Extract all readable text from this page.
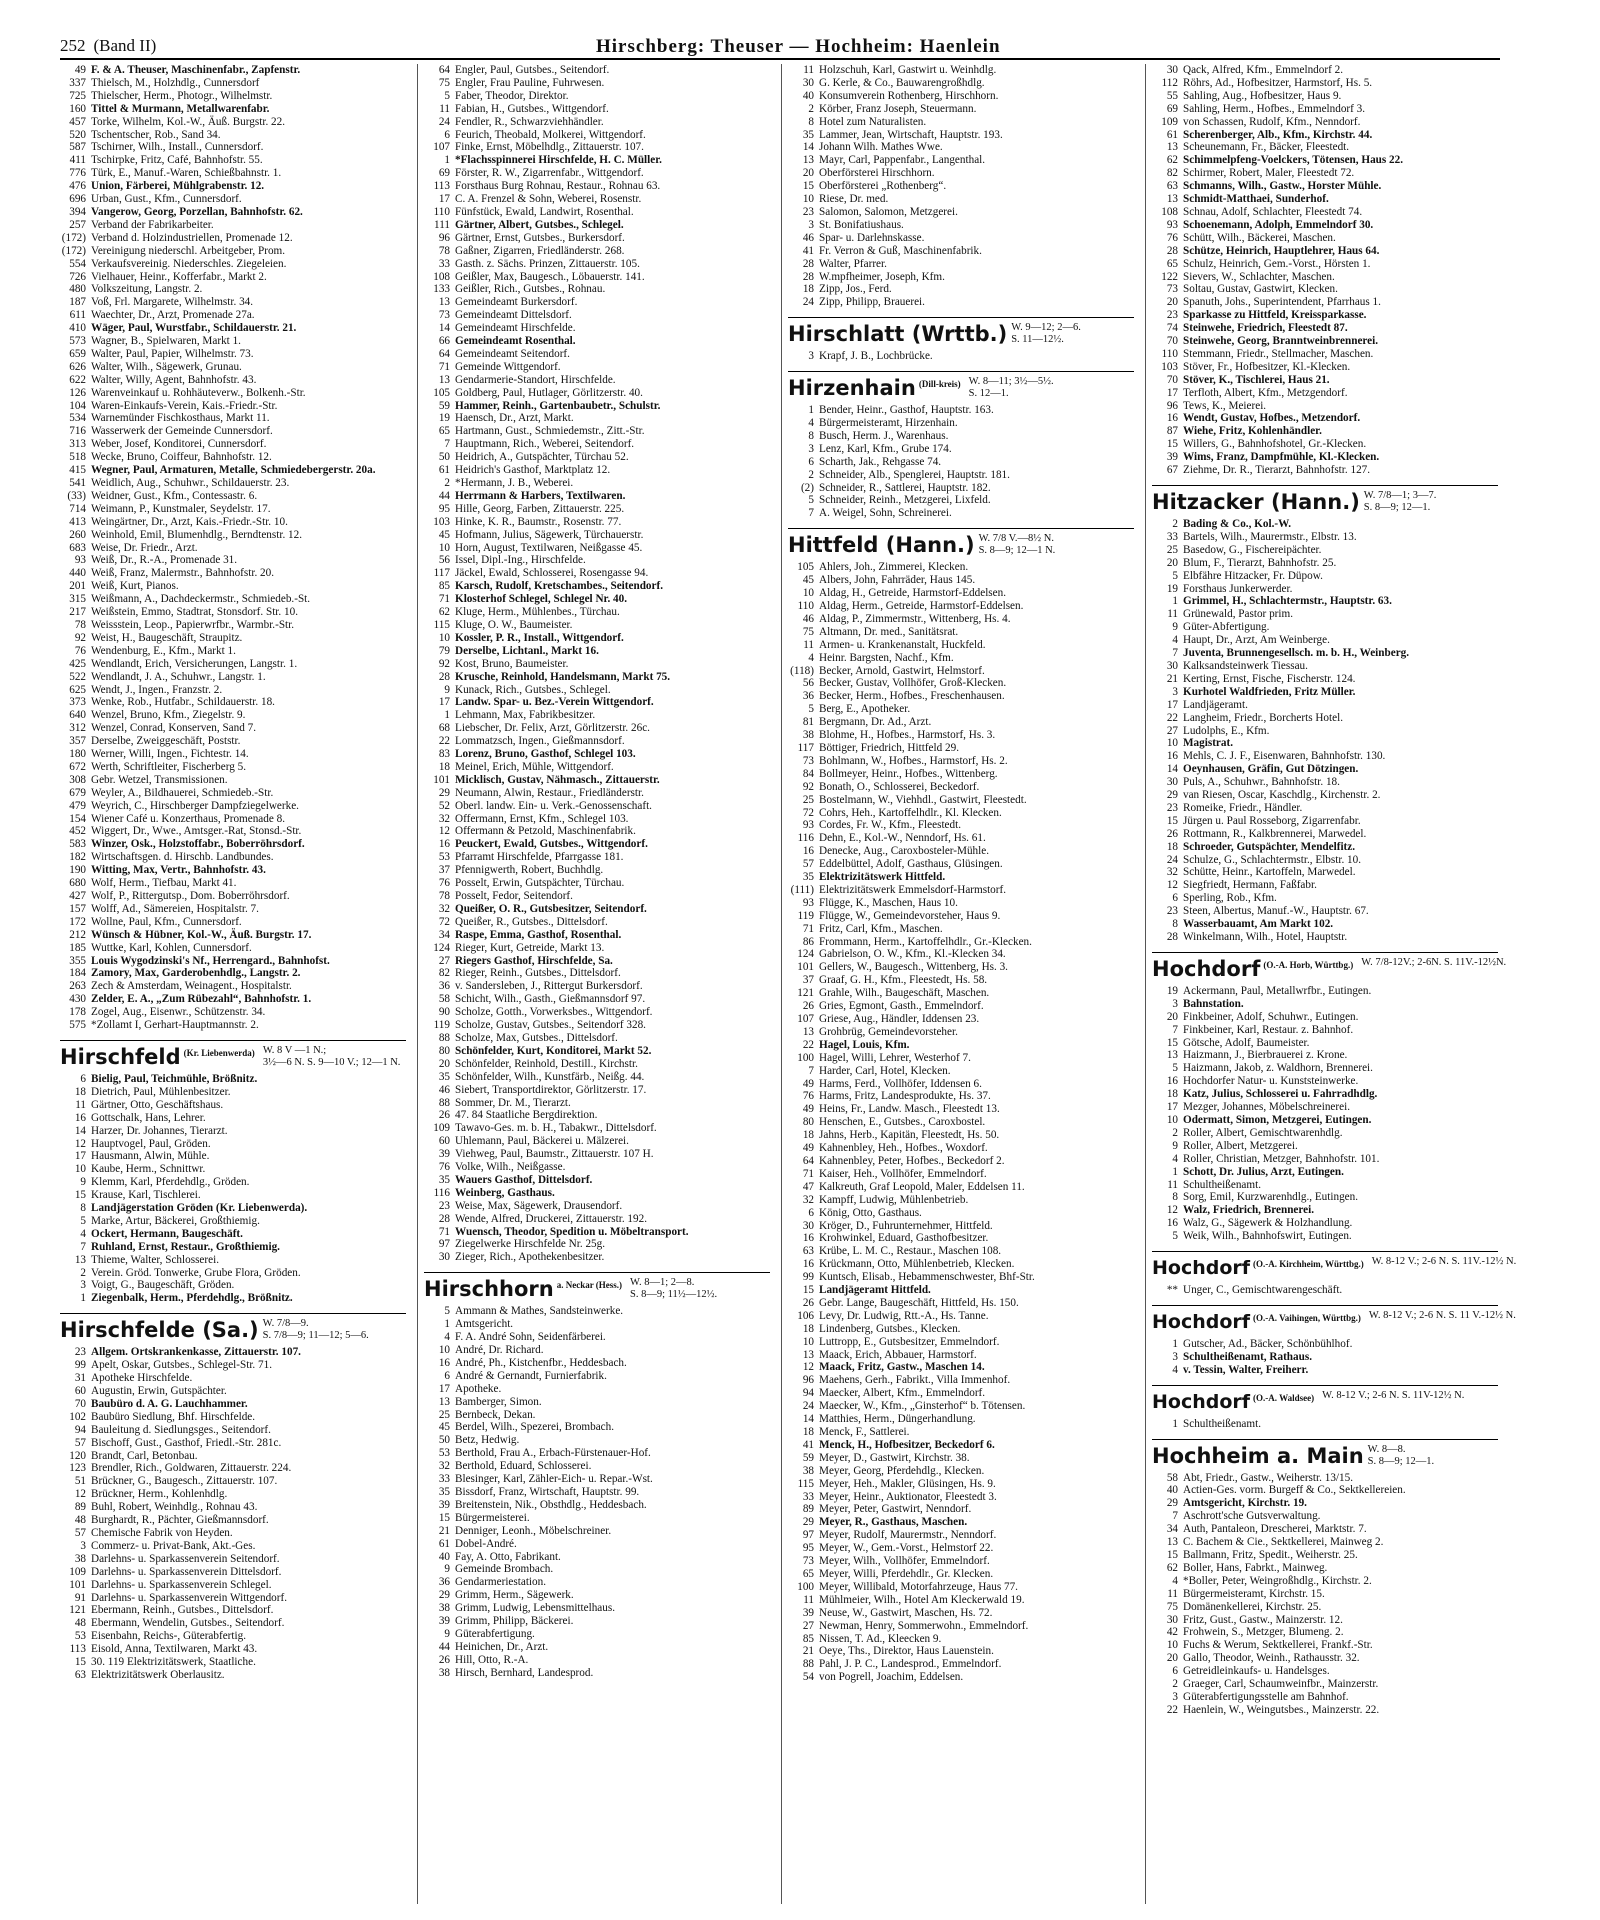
252 (Band II)	Hirschberg: Theuser — Hochheim: Haenlein
49 F. & A. Theuser, Maschinenfabr., Zapfenstr.
337 Thielsch, M., Holzhdlg., Cunnersdorf
725 Thielscher, Herm., Photogr., Wilhelmstr.
160 Tittel & Murmann, Metallwarenfabr.
457 Torke, Wilhelm, Kol.-W., Äuß. Burgstr. 22.
520 Tschentscher, Rob., Sand 34.
587 Tschirner, Wilh., Install., Cunnersdorf.
411 Tschirpke, Fritz, Café, Bahnhofstr. 55.
776 Türk, E., Manuf.-Waren, Schießbahnstr. 1.
476 Union, Färberei, Mühlgrabenstr. 12.
696 Urban, Gust., Kfm., Cunnersdorf.
394 Vangerow, Georg, Porzellan, Bahnhofstr. 62.
257 Verband der Fabrikarbeiter.
(172) Verband d. Holzindustriellen, Promenade 12.
(172) Vereinigung niederschl. Arbeitgeber, Prom.
554 Verkaufsvereinig. Niederschles. Ziegeleien.
726 Vielhauer, Heinr., Kofferfabr., Markt 2.
480 Volkszeitung, Langstr. 2.
187 Voß, Frl. Margarete, Wilhelmstr. 34.
611 Waechter, Dr., Arzt, Promenade 27a.
410 Wäger, Paul, Wurstfabr., Schildauerstr. 21.
573 Wagner, B., Spielwaren, Markt 1.
659 Walter, Paul, Papier, Wilhelmstr. 73.
626 Walter, Wilh., Sägewerk, Grunau.
622 Walter, Willy, Agent, Bahnhofstr. 43.
126 Warenveinkauf u. Rohhäuteverw., Bolkenh.-Str.
104 Waren-Einkaufs-Verein, Kais.-Friedr.-Str.
534 Warnemünder Fischkosthaus, Markt 11.
716 Wasserwerk der Gemeinde Cunnersdorf.
313 Weber, Josef, Konditorei, Cunnersdorf.
518 Wecke, Bruno, Coiffeur, Bahnhofstr. 12.
415 Wegner, Paul, Armaturen, Metalle, Schmiedebergerstr. 20a.
541 Weidlich, Aug., Schuhwr., Schildauerstr. 23.
(33) Weidner, Gust., Kfm., Contessastr. 6.
714 Weimann, P., Kunstmaler, Seydelstr. 17.
413 Weingärtner, Dr., Arzt, Kais.-Friedr.-Str. 10.
260 Weinhold, Emil, Blumenhdlg., Berndtenstr. 12.
683 Weise, Dr. Friedr., Arzt.
93 Weiß, Dr., R.-A., Promenade 31.
440 Weiß, Franz, Malermstr., Bahnhofstr. 20.
201 Weiß, Kurt, Pianos.
315 Weißmann, A., Dachdeckermstr., Schmiedeb.-St.
217 Weißstein, Emmo, Stadtrat, Stonsdorf. Str. 10.
78 Weissstein, Leop., Papierwrfbr., Warmbr.-Str.
92 Weist, H., Baugeschäft, Straupitz.
76 Wendenburg, E., Kfm., Markt 1.
425 Wendlandt, Erich, Versicherungen, Langstr. 1.
522 Wendlandt, J. A., Schuhwr., Langstr. 1.
625 Wendt, J., Ingen., Franzstr. 2.
373 Wenke, Rob., Hutfabr., Schildauerstr. 18.
640 Wenzel, Bruno, Kfm., Ziegelstr. 9.
312 Wenzel, Conrad, Konserven, Sand 7.
357 Derselbe, Zweiggeschäft, Poststr.
180 Werner, Willi, Ingen., Fichtestr. 14.
672 Werth, Schriftleiter, Fischerberg 5.
308 Gebr. Wetzel, Transmissionen.
679 Weyler, A., Bildhauerei, Schmiedeb.-Str.
479 Weyrich, C., Hirschberger Dampfziegelwerke.
154 Wiener Café u. Konzerthaus, Promenade 8.
452 Wiggert, Dr., Wwe., Amtsger.-Rat, Stonsd.-Str.
583 Winzer, Osk., Holzstoffabr., Boberröhrsdorf.
182 Wirtschaftsgen. d. Hirschb. Landbundes.
190 Witting, Max, Vertr., Bahnhofstr. 43.
680 Wolf, Herm., Tiefbau, Markt 41.
427 Wolf, P., Rittergutsp., Dom. Boberröhrsdorf.
157 Wolff, Ad., Sämereien, Hospitalstr. 7.
172 Wollne, Paul, Kfm., Cunnersdorf.
212 Wünsch & Hübner, Kol.-W., Äuß. Burgstr. 17.
185 Wuttke, Karl, Kohlen, Cunnersdorf.
355 Louis Wygodzinski's Nf., Herrengard., Bahnhofst.
184 Zamory, Max, Garderobenhdlg., Langstr. 2.
263 Zech & Amsterdam, Weinagent., Hospitalstr.
430 Zelder, E. A., „Zum Rübezahl“, Bahnhofstr. 1.
178 Zogel, Aug., Eisenwr., Schützenstr. 34.
575 *Zollamt I, Gerhart-Hauptmannstr. 2.
Hirschfeld (Kr. Liebenwerda) W. 8 V —1 N.;
3½—6 N. S. 9—10 V.; 12—1 N.
6 Bielig, Paul, Teichmühle, Brößnitz.
18 Dietrich, Paul, Mühlenbesitzer.
11 Gärtner, Otto, Geschäftshaus.
16 Gottschalk, Hans, Lehrer.
14 Harzer, Dr. Johannes, Tierarzt.
12 Hauptvogel, Paul, Gröden.
17 Hausmann, Alwin, Mühle.
10 Kaube, Herm., Schnittwr.
9 Klemm, Karl, Pferdehdlg., Gröden.
15 Krause, Karl, Tischlerei.
8 Landjägerstation Gröden (Kr. Liebenwerda).
5 Marke, Artur, Bäckerei, Großthiemig.
4 Ockert, Hermann, Baugeschäft.
7 Ruhland, Ernst, Restaur., Großthiemig.
13 Thieme, Walter, Schlosserei.
2 Verein. Gröd. Tonwerke, Grube Flora, Gröden.
3 Voigt, G., Baugeschäft, Gröden.
1 Ziegenbalk, Herm., Pferdehdlg., Brößnitz.
Hirschfelde (Sa.) W. 7/8—9.
S. 7/8—9; 11—12; 5—6.
23 Allgem. Ortskrankenkasse, Zittauerstr. 107.
99 Apelt, Oskar, Gutsbes., Schlegel-Str. 71.
31 Apotheke Hirschfelde.
60 Augustin, Erwin, Gutspächter.
70 Baubüro d. A. G. Lauchhammer.
102 Baubüro Siedlung, Bhf. Hirschfelde.
94 Bauleitung d. Siedlungsges., Seitendorf.
57 Bischoff, Gust., Gasthof, Friedl.-Str. 281c.
120 Brandt, Carl, Betonbau.
123 Brendler, Rich., Goldwaren, Zittauerstr. 224.
51 Brückner, G., Baugesch., Zittauerstr. 107.
12 Brückner, Herm., Kohlenhdlg.
89 Buhl, Robert, Weinhdlg., Rohnau 43.
48 Burghardt, R., Pächter, Gießmannsdorf.
57 Chemische Fabrik von Heyden.
3 Commerz- u. Privat-Bank, Akt.-Ges.
38 Darlehns- u. Sparkassenverein Seitendorf.
109 Darlehns- u. Sparkassenverein Dittelsdorf.
101 Darlehns- u. Sparkassenverein Schlegel.
91 Darlehns- u. Sparkassenverein Wittgendorf.
121 Ebermann, Reinh., Gutsbes., Dittelsdorf.
48 Ebermann, Wendelin, Gutsbes., Seitendorf.
53 Eisenbahn, Reichs-, Güterabfertig.
113 Eisold, Anna, Textilwaren, Markt 43.
15 30. 119 Elektrizitätswerk, Staatliche.
63 Elektrizitätswerk Oberlausitz.
64 Engler, Paul, Gutsbes., Seitendorf.
75 Engler, Frau Pauline, Fuhrwesen.
5 Faber, Theodor, Direktor.
11 Fabian, H., Gutsbes., Wittgendorf.
24 Fendler, R., Schwarzviehhändler.
6 Feurich, Theobald, Molkerei, Wittgendorf.
107 Finke, Ernst, Möbelhdlg., Zittauerstr. 107.
1 *Flachsspinnerei Hirschfelde, H. C. Müller.
69 Förster, R. W., Zigarrenfabr., Wittgendorf.
113 Forsthaus Burg Rohnau, Restaur., Rohnau 63.
17 C. A. Frenzel & Sohn, Weberei, Rosenstr.
110 Fünfstück, Ewald, Landwirt, Rosenthal.
111 Gärtner, Albert, Gutsbes., Schlegel.
96 Gärtner, Ernst, Gutsbes., Burkersdorf.
78 Gaßner, Zigarren, Friedländerstr. 268.
33 Gasth. z. Sächs. Prinzen, Zittauerstr. 105.
108 Geißler, Max, Baugesch., Löbauerstr. 141.
133 Geißler, Rich., Gutsbes., Rohnau.
13 Gemeindeamt Burkersdorf.
73 Gemeindeamt Dittelsdorf.
14 Gemeindeamt Hirschfelde.
66 Gemeindeamt Rosenthal.
64 Gemeindeamt Seitendorf.
71 Gemeinde Wittgendorf.
13 Gendarmerie-Standort, Hirschfelde.
105 Goldberg, Paul, Hutlager, Görlitzerstr. 40.
59 Hammer, Reinh., Gartenbaubetr., Schulstr.
19 Haensch, Dr., Arzt, Markt.
65 Hartmann, Gust., Schmiedemstr., Zitt.-Str.
7 Hauptmann, Rich., Weberei, Seitendorf.
50 Heidrich, A., Gutspächter, Türchau 52.
61 Heidrich's Gasthof, Marktplatz 12.
2 *Hermann, J. B., Weberei.
44 Herrmann & Harbers, Textilwaren.
95 Hille, Georg, Farben, Zittauerstr. 225.
103 Hinke, K. R., Baumstr., Rosenstr. 77.
45 Hofmann, Julius, Sägewerk, Türchauerstr.
10 Horn, August, Textilwaren, Neißgasse 45.
56 Issel, Dipl.-Ing., Hirschfelde.
117 Jäckel, Ewald, Schlosserei, Rosengasse 94.
85 Karsch, Rudolf, Kretschambes., Seitendorf.
71 Klosterhof Schlegel, Schlegel Nr. 40.
62 Kluge, Herm., Mühlenbes., Türchau.
115 Kluge, O. W., Baumeister.
10 Kossler, P. R., Install., Wittgendorf.
79 Derselbe, Lichtanl., Markt 16.
92 Kost, Bruno, Baumeister.
28 Krusche, Reinhold, Handelsmann, Markt 75.
9 Kunack, Rich., Gutsbes., Schlegel.
17 Landw. Spar- u. Bez.-Verein Wittgendorf.
1 Lehmann, Max, Fabrikbesitzer.
68 Liebscher, Dr. Felix, Arzt, Görlitzerstr. 26c.
22 Lommatzsch, Ingen., Gießmannsdorf.
83 Lorenz, Bruno, Gasthof, Schlegel 103.
18 Meinel, Erich, Mühle, Wittgendorf.
101 Micklisch, Gustav, Nähmasch., Zittauerstr.
29 Neumann, Alwin, Restaur., Friedländerstr.
52 Oberl. landw. Ein- u. Verk.-Genossenschaft.
32 Offermann, Ernst, Kfm., Schlegel 103.
12 Offermann & Petzold, Maschinenfabrik.
16 Peuckert, Ewald, Gutsbes., Wittgendorf.
53 Pfarramt Hirschfelde, Pfarrgasse 181.
37 Pfennigwerth, Robert, Buchhdlg.
76 Posselt, Erwin, Gutspächter, Türchau.
78 Posselt, Fedor, Seitendorf.
32 Queißer, O. R., Gutsbesitzer, Seitendorf.
72 Queißer, R., Gutsbes., Dittelsdorf.
34 Raspe, Emma, Gasthof, Rosenthal.
124 Rieger, Kurt, Getreide, Markt 13.
27 Riegers Gasthof, Hirschfelde, Sa.
82 Rieger, Reinh., Gutsbes., Dittelsdorf.
36 v. Sandersleben, J., Rittergut Burkersdorf.
58 Schicht, Wilh., Gasth., Gießmannsdorf 97.
90 Scholze, Gotth., Vorwerksbes., Wittgendorf.
119 Scholze, Gustav, Gutsbes., Seitendorf 328.
88 Scholze, Max, Gutsbes., Dittelsdorf.
80 Schönfelder, Kurt, Konditorei, Markt 52.
20 Schönfelder, Reinhold, Destill., Kirchstr.
35 Schönfelder, Wilh., Kunstfärb., Neißg. 44.
46 Siebert, Transportdirektor, Görlitzerstr. 17.
88 Sommer, Dr. M., Tierarzt.
26 47. 84 Staatliche Bergdirektion.
109 Tawavo-Ges. m. b. H., Tabakwr., Dittelsdorf.
60 Uhlemann, Paul, Bäckerei u. Mälzerei.
39 Viehweg, Paul, Baumstr., Zittauerstr. 107 H.
76 Volke, Wilh., Neißgasse.
35 Wauers Gasthof, Dittelsdorf.
116 Weinberg, Gasthaus.
23 Weise, Max, Sägewerk, Drausendorf.
28 Wende, Alfred, Druckerei, Zittauerstr. 192.
71 Wuensch, Theodor, Spedition u. Möbeltransport.
97 Ziegelwerke Hirschfelde Nr. 25g.
30 Zieger, Rich., Apothekenbesitzer.
Hirschhorn a. Neckar (Hess.) W. 8—1; 2—8.
S. 8—9; 11½—12½.
5 Ammann & Mathes, Sandsteinwerke.
1 Amtsgericht.
4 F. A. André Sohn, Seidenfärberei.
10 André, Dr. Richard.
16 André, Ph., Kistchenfbr., Heddesbach.
6 André & Gernandt, Furnierfabrik.
17 Apotheke.
13 Bamberger, Simon.
25 Bernbeck, Dekan.
45 Berdel, Wilh., Spezerei, Brombach.
50 Betz, Hedwig.
53 Berthold, Frau A., Erbach-Fürstenauer-Hof.
32 Berthold, Eduard, Schlosserei.
33 Blesinger, Karl, Zähler-Eich- u. Repar.-Wst.
35 Bissdorf, Franz, Wirtschaft, Hauptstr. 99.
39 Breitenstein, Nik., Obsthdlg., Heddesbach.
15 Bürgermeisterei.
21 Denniger, Leonh., Möbelschreiner.
61 Dobel-André.
40 Fay, A. Otto, Fabrikant.
9 Gemeinde Brombach.
36 Gendarmeriestation.
29 Grimm, Herm., Sägewerk.
38 Grimm, Ludwig, Lebensmittelhaus.
39 Grimm, Philipp, Bäckerei.
9 Güterabfertigung.
44 Heinichen, Dr., Arzt.
26 Hill, Otto, R.-A.
38 Hirsch, Bernhard, Landesprod.
11 Holzschuh, Karl, Gastwirt u. Weinhdlg.
30 G. Kerle, & Co., Bauwarengroßhdlg.
40 Konsumverein Rothenberg, Hirschhorn.
2 Körber, Franz Joseph, Steuermann.
8 Hotel zum Naturalisten.
35 Lammer, Jean, Wirtschaft, Hauptstr. 193.
14 Johann Wilh. Mathes Wwe.
13 Mayr, Carl, Pappenfabr., Langenthal.
20 Oberförsterei Hirschhorn.
15 Oberförsterei „Rothenberg“.
10 Riese, Dr. med.
23 Salomon, Salomon, Metzgerei.
3 St. Bonifatiushaus.
46 Spar- u. Darlehnskasse.
41 Fr. Verron & Guß, Maschinenfabrik.
28 Walter, Pfarrer.
28 W.mpfheimer, Joseph, Kfm.
18 Zipp, Jos., Ferd.
24 Zipp, Philipp, Brauerei.
Hirschlatt (Wrttb.) W. 9—12; 2—6.
S. 11—12½.
3 Krapf, J. B., Lochbrücke.
Hirzenhain (Dill-kreis) W. 8—11; 3½—5½.
S. 12—1.
1 Bender, Heinr., Gasthof, Hauptstr. 163.
4 Bürgermeisteramt, Hirzenhain.
8 Busch, Herm. J., Warenhaus.
3 Lenz, Karl, Kfm., Grube 174.
6 Scharth, Jak., Rehgasse 74.
2 Schneider, Alb., Spenglerei, Hauptstr. 181.
(2) Schneider, R., Sattlerei, Hauptstr. 182.
5 Schneider, Reinh., Metzgerei, Lixfeld.
7 A. Weigel, Sohn, Schreinerei.
Hittfeld (Hann.) W. 7/8 V.—8½ N.
S. 8—9; 12—1 N.
105 Ahlers, Joh., Zimmerei, Klecken.
45 Albers, John, Fahrräder, Haus 145.
10 Aldag, H., Getreide, Harmstorf-Eddelsen.
110 Aldag, Herm., Getreide, Harmstorf-Eddelsen.
46 Aldag, P., Zimmermstr., Wittenberg, Hs. 4.
75 Altmann, Dr. med., Sanitätsrat.
11 Armen- u. Krankenanstalt, Huckfeld.
4 Heinr. Bargsten, Nachf., Kfm.
(118) Becker, Arnold, Gastwirt, Helmstorf.
56 Becker, Gustav, Vollhöfer, Groß-Klecken.
36 Becker, Herm., Hofbes., Freschenhausen.
5 Berg, E., Apotheker.
81 Bergmann, Dr. Ad., Arzt.
38 Blohme, H., Hofbes., Harmstorf, Hs. 3.
117 Böttiger, Friedrich, Hittfeld 29.
73 Bohlmann, W., Hofbes., Harmstorf, Hs. 2.
84 Bollmeyer, Heinr., Hofbes., Wittenberg.
92 Bonath, O., Schlosserei, Beckedorf.
25 Bostelmann, W., Viehhdl., Gastwirt, Fleestedt.
72 Cohrs, Heh., Kartoffelhdlr., Kl. Klecken.
93 Cordes, Fr. W., Kfm., Fleestedt.
116 Dehn, E., Kol.-W., Nenndorf, Hs. 61.
16 Denecke, Aug., Caroxbosteler-Mühle.
57 Eddelbüttel, Adolf, Gasthaus, Glüsingen.
35 Elektrizitätswerk Hittfeld.
(111) Elektrizitätswerk Emmelsdorf-Harmstorf.
93 Flügge, K., Maschen, Haus 10.
119 Flügge, W., Gemeindevorsteher, Haus 9.
71 Fritz, Carl, Kfm., Maschen.
86 Frommann, Herm., Kartoffelhdlr., Gr.-Klecken.
124 Gabrielson, O. W., Kfm., Kl.-Klecken 34.
101 Gellers, W., Baugesch., Wittenberg, Hs. 3.
37 Graaf, G. H., Kfm., Fleestedt, Hs. 58.
121 Grahle, Wilh., Baugeschäft, Maschen.
26 Gries, Egmont, Gasth., Emmelndorf.
107 Griese, Aug., Händler, Iddensen 23.
13 Grohbrüg, Gemeindevorsteher.
22 Hagel, Louis, Kfm.
100 Hagel, Willi, Lehrer, Westerhof 7.
7 Harder, Carl, Hotel, Klecken.
49 Harms, Ferd., Vollhöfer, Iddensen 6.
76 Harms, Fritz, Landesprodukte, Hs. 37.
49 Heins, Fr., Landw. Masch., Fleestedt 13.
80 Henschen, E., Gutsbes., Caroxbostel.
18 Jahns, Herb., Kapitän, Fleestedt, Hs. 50.
49 Kahnenbley, Heh., Hofbes., Woxdorf.
64 Kahnenbley, Peter, Hofbes., Beckedorf 2.
71 Kaiser, Heh., Vollhöfer, Emmelndorf.
47 Kalkreuth, Graf Leopold, Maler, Eddelsen 11.
32 Kampff, Ludwig, Mühlenbetrieb.
6 König, Otto, Gasthaus.
30 Kröger, D., Fuhrunternehmer, Hittfeld.
16 Krohwinkel, Eduard, Gasthofbesitzer.
63 Krübe, L. M. C., Restaur., Maschen 108.
16 Krückmann, Otto, Mühlenbetrieb, Klecken.
99 Kuntsch, Elisab., Hebammenschwester, Bhf-Str.
15 Landjägeramt Hittfeld.
26 Gebr. Lange, Baugeschäft, Hittfeld, Hs. 150.
106 Levy, Dr. Ludwig, Rtt.-A., Hs. Tanne.
18 Lindenberg, Gutsbes., Klecken.
10 Luttropp, E., Gutsbesitzer, Emmelndorf.
13 Maack, Erich, Abbauer, Harmstorf.
12 Maack, Fritz, Gastw., Maschen 14.
96 Maehens, Gerh., Fabrikt., Villa Immenhof.
94 Maecker, Albert, Kfm., Emmelndorf.
24 Maecker, W., Kfm., „Ginsterhof“ b. Tötensen.
14 Matthies, Herm., Düngerhandlung.
18 Menck, F., Sattlerei.
41 Menck, H., Hofbesitzer, Beckedorf 6.
59 Meyer, D., Gastwirt, Kirchstr. 38.
38 Meyer, Georg, Pferdehdlg., Klecken.
115 Meyer, Heh., Makler, Glüsingen, Hs. 9.
33 Meyer, Heinr., Auktionator, Fleestedt 3.
89 Meyer, Peter, Gastwirt, Nenndorf.
29 Meyer, R., Gasthaus, Maschen.
97 Meyer, Rudolf, Maurermstr., Nenndorf.
95 Meyer, W., Gem.-Vorst., Helmstorf 22.
73 Meyer, Wilh., Vollhöfer, Emmelndorf.
65 Meyer, Willi, Pferdehdlr., Gr. Klecken.
100 Meyer, Willibald, Motorfahrzeuge, Haus 77.
11 Mühlmeier, Wilh., Hotel Am Kleckerwald 19.
39 Neuse, W., Gastwirt, Maschen, Hs. 72.
27 Newman, Henry, Sommerwohn., Emmelndorf.
85 Nissen, T. Ad., Kleecken 9.
21 Oeye, Ths., Direktor, Haus Lauenstein.
88 Pahl, J. P. C., Landesprod., Emmelndorf.
54 von Pogrell, Joachim, Eddelsen.
30 Qack, Alfred, Kfm., Emmelndorf 2.
112 Röhrs, Ad., Hofbesitzer, Harmstorf, Hs. 5.
55 Sahling, Aug., Hofbesitzer, Haus 9.
69 Sahling, Herm., Hofbes., Emmelndorf 3.
109 von Schassen, Rudolf, Kfm., Nenndorf.
61 Scherenberger, Alb., Kfm., Kirchstr. 44.
13 Scheunemann, Fr., Bäcker, Fleestedt.
62 Schimmelpfeng-Voelckers, Tötensen, Haus 22.
82 Schirmer, Robert, Maler, Fleestedt 72.
63 Schmanns, Wilh., Gastw., Horster Mühle.
13 Schmidt-Matthaei, Sunderhof.
108 Schnau, Adolf, Schlachter, Fleestedt 74.
93 Schoenemann, Adolph, Emmelndorf 30.
76 Schütt, Wilh., Bäckerei, Maschen.
28 Schütze, Heinrich, Hauptlehrer, Haus 64.
65 Schulz, Heinrich, Gem.-Vorst., Hörsten 1.
122 Sievers, W., Schlachter, Maschen.
73 Soltau, Gustav, Gastwirt, Klecken.
20 Spanuth, Johs., Superintendent, Pfarrhaus 1.
23 Sparkasse zu Hittfeld, Kreissparkasse.
74 Steinwehe, Friedrich, Fleestedt 87.
70 Steinwehe, Georg, Branntweinbrennerei.
110 Stemmann, Friedr., Stellmacher, Maschen.
103 Stöver, Fr., Hofbesitzer, Kl.-Klecken.
70 Stöver, K., Tischlerei, Haus 21.
17 Terfloth, Albert, Kfm., Metzgendorf.
96 Tews, K., Meierei.
16 Wendt, Gustav, Hofbes., Metzendorf.
87 Wiehe, Fritz, Kohlenhändler.
15 Willers, G., Bahnhofshotel, Gr.-Klecken.
39 Wims, Franz, Dampfmühle, Kl.-Klecken.
67 Ziehme, Dr. R., Tierarzt, Bahnhofstr. 127.
Hitzacker (Hann.) W. 7/8—1; 3—7.
S. 8—9; 12—1.
2 Bading & Co., Kol.-W.
33 Bartels, Wilh., Maurermstr., Elbstr. 13.
25 Basedow, G., Fischereipächter.
20 Blum, F., Tierarzt, Bahnhofstr. 25.
5 Elbfähre Hitzacker, Fr. Düpow.
19 Forsthaus Junkerwerder.
1 Grimmel, H., Schlachtermstr., Hauptstr. 63.
11 Grünewald, Pastor prim.
9 Güter-Abfertigung.
4 Haupt, Dr., Arzt, Am Weinberge.
7 Juventa, Brunnengesellsch. m. b. H., Weinberg.
30 Kalksandsteinwerk Tiessau.
21 Kerting, Ernst, Fische, Fischerstr. 124.
3 Kurhotel Waldfrieden, Fritz Müller.
17 Landjägeramt.
22 Langheim, Friedr., Borcherts Hotel.
27 Ludolphs, E., Kfm.
10 Magistrat.
16 Mehls, C. J. F., Eisenwaren, Bahnhofstr. 130.
14 Oeynhausen, Gräfin, Gut Dötzingen.
30 Puls, A., Schuhwr., Bahnhofstr. 18.
29 van Riesen, Oscar, Kaschdlg., Kirchenstr. 2.
23 Romeike, Friedr., Händler.
15 Jürgen u. Paul Rosseborg, Zigarrenfabr.
26 Rottmann, R., Kalkbrennerei, Marwedel.
18 Schroeder, Gutspächter, Mendelfitz.
24 Schulze, G., Schlachtermstr., Elbstr. 10.
32 Schütte, Heinr., Kartoffeln, Marwedel.
12 Siegfriedt, Hermann, Faßfabr.
6 Sperling, Rob., Kfm.
23 Steen, Albertus, Manuf.-W., Hauptstr. 67.
8 Wasserbauamt, Am Markt 102.
28 Winkelmann, Wilh., Hotel, Hauptstr.
Hochdorf (O.-A. Horb, Württbg.) W. 7/8-12V.; 2-6N. S. 11V.-12½N.
19 Ackermann, Paul, Metallwrfbr., Eutingen.
3 Bahnstation.
20 Finkbeiner, Adolf, Schuhwr., Eutingen.
7 Finkbeiner, Karl, Restaur. z. Bahnhof.
15 Götsche, Adolf, Baumeister.
13 Haizmann, J., Bierbrauerei z. Krone.
5 Haizmann, Jakob, z. Waldhorn, Brennerei.
16 Hochdorfer Natur- u. Kunststeinwerke.
18 Katz, Julius, Schlosserei u. Fahrradhdlg.
17 Mezger, Johannes, Möbelschreinerei.
10 Odermatt, Simon, Metzgerei, Eutingen.
2 Roller, Albert, Gemischtwarenhdlg.
9 Roller, Albert, Metzgerei.
4 Roller, Christian, Metzger, Bahnhofstr. 101.
1 Schott, Dr. Julius, Arzt, Eutingen.
11 Schultheißenamt.
8 Sorg, Emil, Kurzwarenhdlg., Eutingen.
12 Walz, Friedrich, Brennerei.
16 Walz, G., Sägewerk & Holzhandlung.
5 Weik, Wilh., Bahnhofswirt, Eutingen.
Hochdorf (O.-A. Kirchheim, Württbg.) W. 8-12 V.; 2-6 N. S. 11V.-12½ N.
** Unger, C., Gemischtwarengeschäft.
Hochdorf (O.-A. Vaihingen, Württbg.) W. 8-12 V.; 2-6 N. S. 11 V.-12½ N.
1 Gutscher, Ad., Bäcker, Schönbühlhof.
3 Schultheißenamt, Rathaus.
4 v. Tessin, Walter, Freiherr.
Hochdorf (O.-A. Waldsee) W. 8-12 V.; 2-6 N. S. 11V-12½ N.
1 Schultheißenamt.
Hochheim a. Main W. 8—8.
S. 8—9; 12—1.
58 Abt, Friedr., Gastw., Weiherstr. 13/15.
40 Actien-Ges. vorm. Burgeff & Co., Sektkellereien.
29 Amtsgericht, Kirchstr. 19.
7 Aschrott'sche Gutsverwaltung.
34 Auth, Pantaleon, Drescherei, Marktstr. 7.
13 C. Bachem & Cie., Sektkellerei, Mainweg 2.
15 Ballmann, Fritz, Spedit., Weiherstr. 25.
62 Boller, Hans, Fabrkt., Mainweg.
4 *Boller, Peter, Weingroßhdlg., Kirchstr. 2.
11 Bürgermeisteramt, Kirchstr. 15.
75 Domänenkellerei, Kirchstr. 25.
30 Fritz, Gust., Gastw., Mainzerstr. 12.
42 Frohwein, S., Metzger, Blumeng. 2.
10 Fuchs & Werum, Sektkellerei, Frankf.-Str.
20 Gallo, Theodor, Weinh., Rathausstr. 32.
6 Getreidleinkaufs- u. Handelsges.
2 Graeger, Carl, Schaumweinfbr., Mainzerstr.
3 Güterabfertigungsstelle am Bahnhof.
22 Haenlein, W., Weingutsbes., Mainzerstr. 22.
